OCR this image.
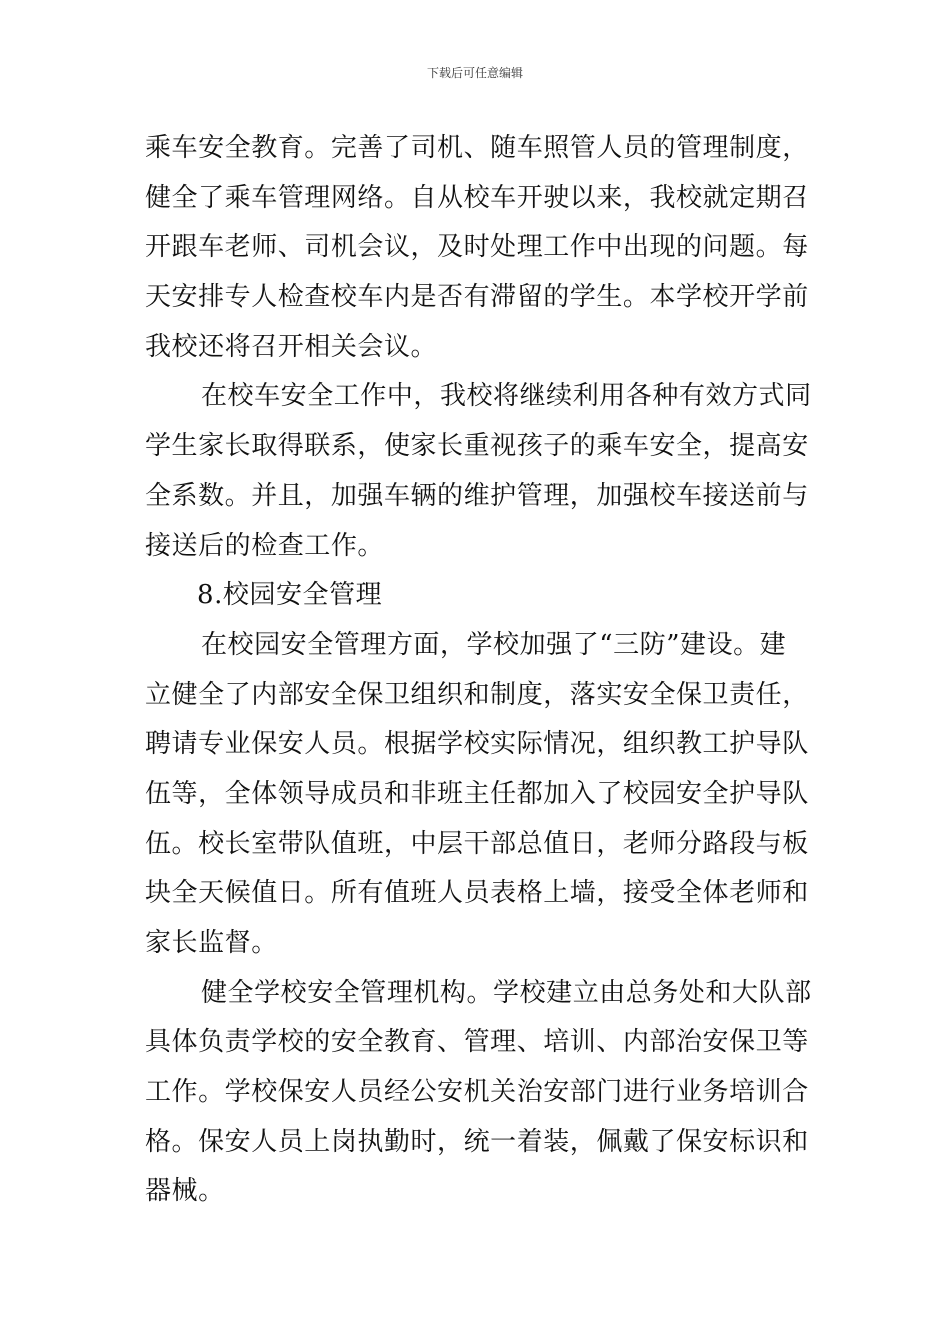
下载后可任意编辑
乘车安全教育。完善了司机、随车照管人员的管理制度，
健全了乘车管理网络。自从校车开驶以来，我校就定期召
开跟车老师、司机会议，及时处理工作中出现的问题。每
天安排专人检查校车内是否有滞留的学生。本学校开学前
我校还将召开相关会议。
在校车安全工作中，我校将继续利用各种有效方式同
学生家长取得联系，使家长重视孩子的乘车安全，提高安
全系数。并且，加强车辆的维护管理，加强校车接送前与
接送后的检查工作。
8.校园安全管理
在校园安全管理方面，学校加强了“三防”建设。建
立健全了内部安全保卫组织和制度，落实安全保卫责任，
聘请专业保安人员。根据学校实际情况，组织教工护导队
伍等，全体领导成员和非班主任都加入了校园安全护导队
伍。校长室带队值班，中层干部总值日，老师分路段与板
块全天候值日。所有值班人员表格上墙，接受全体老师和
家长监督。
健全学校安全管理机构。学校建立由总务处和大队部
具体负责学校的安全教育、管理、培训、内部治安保卫等
工作。学校保安人员经公安机关治安部门进行业务培训合
格。保安人员上岗执勤时，统一着装，佩戴了保安标识和
器械。
